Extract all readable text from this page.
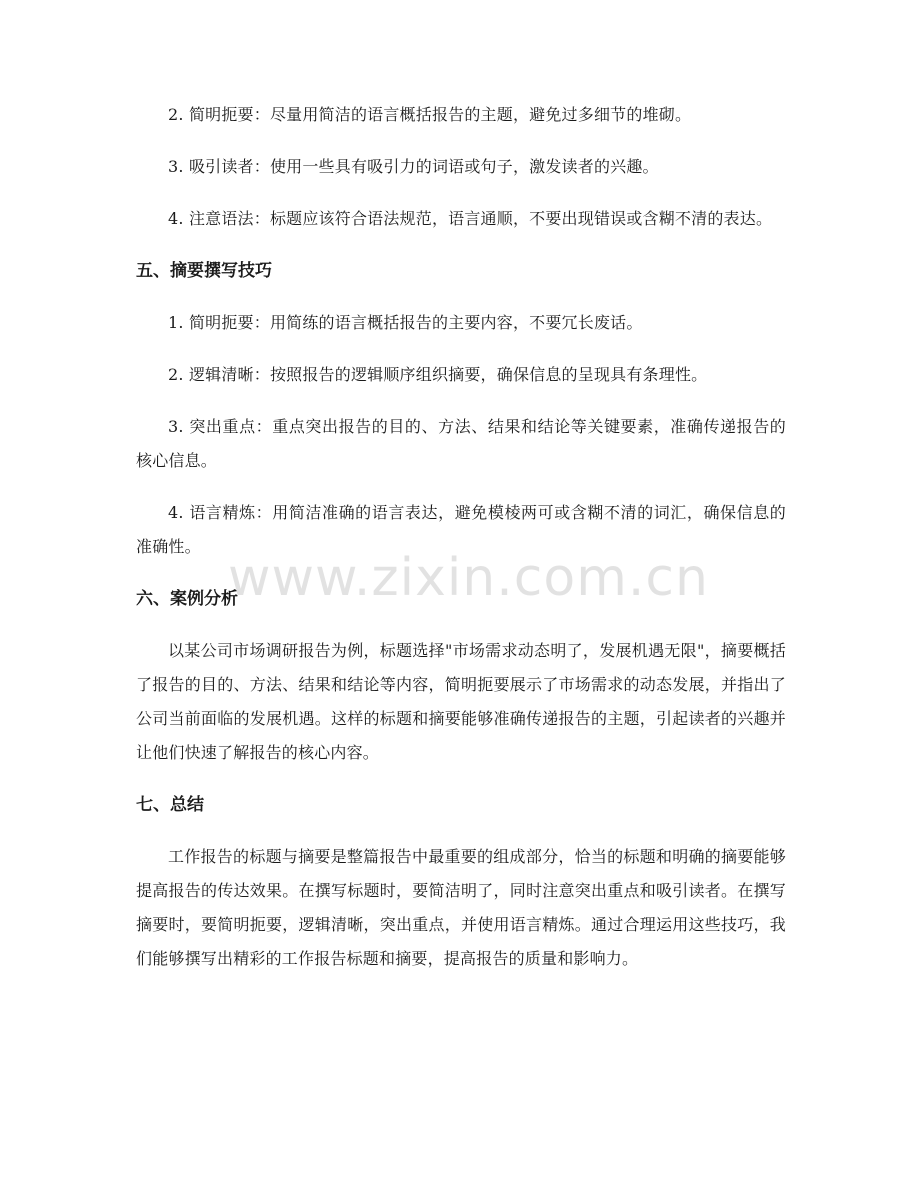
2. 简明扼要：尽量用简洁的语言概括报告的主题，避免过多细节的堆砌。

3. 吸引读者：使用一些具有吸引力的词语或句子，激发读者的兴趣。

4. 注意语法：标题应该符合语法规范，语言通顺，不要出现错误或含糊不清的表达。

五、摘要撰写技巧

1. 简明扼要：用简练的语言概括报告的主要内容，不要冗长废话。

2. 逻辑清晰：按照报告的逻辑顺序组织摘要，确保信息的呈现具有条理性。

3. 突出重点：重点突出报告的目的、方法、结果和结论等关键要素，准确传递报告的核心信息。

4. 语言精炼：用简洁准确的语言表达，避免模棱两可或含糊不清的词汇，确保信息的准确性。

六、案例分析

以某公司市场调研报告为例，标题选择"市场需求动态明了，发展机遇无限"，摘要概括了报告的目的、方法、结果和结论等内容，简明扼要展示了市场需求的动态发展，并指出了公司当前面临的发展机遇。这样的标题和摘要能够准确传递报告的主题，引起读者的兴趣并让他们快速了解报告的核心内容。

七、总结

工作报告的标题与摘要是整篇报告中最重要的组成部分，恰当的标题和明确的摘要能够提高报告的传达效果。在撰写标题时，要简洁明了，同时注意突出重点和吸引读者。在撰写摘要时，要简明扼要，逻辑清晰，突出重点，并使用语言精炼。通过合理运用这些技巧，我们能够撰写出精彩的工作报告标题和摘要，提高报告的质量和影响力。

www.zixin.com.cn
